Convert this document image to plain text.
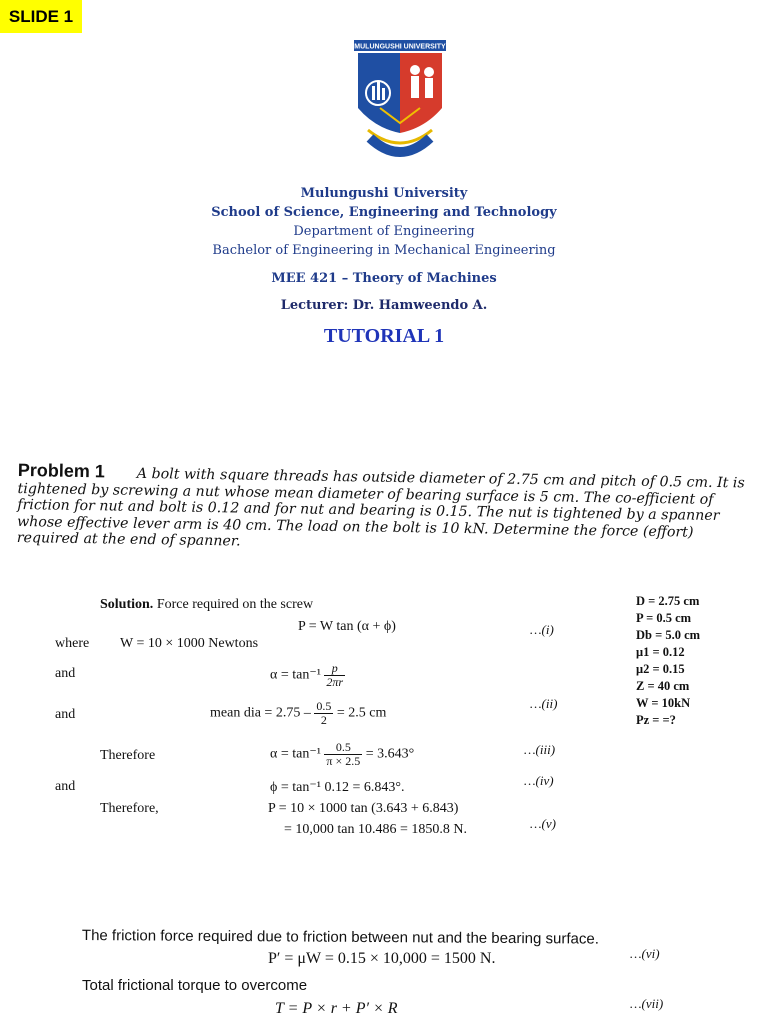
SLIDE 1
MULUNGUSHI UNIVERSITY
Mulungushi University
School of Science, Engineering and Technology
Department of Engineering
Bachelor of Engineering in Mechanical Engineering
MEE 421 – Theory of Machines
Lecturer: Dr. Hamweendo A.
TUTORIAL 1
Problem 1 A bolt with square threads has outside diameter of 2.75 cm and pitch of 0.5 cm. It is tightened by screwing a nut whose mean diameter of bearing surface is 5 cm. The co-efficient of friction for nut and bolt is 0.12 and for nut and bearing is 0.15. The nut is tightened by a spanner whose effective lever arm is 40 cm. The load on the bolt is 10 kN. Determine the force (effort) required at the end of spanner.
D = 2.75 cm
P = 0.5 cm
Db = 5.0 cm
μ1 = 0.12
μ2 = 0.15
Z = 40 cm
W = 10kN
Pz = =?
Solution. Force required on the screw
P = W tan (α + ϕ)	…(i)
where W = 10 × 1000 Newtons
and	$\alpha = \tan^{-1} \frac{p}{2\pi r}$
and	mean dia = $2.75 - \frac{0.5}{2} = 2.5$ cm
…(ii)
Therefore	$\alpha = \tan^{-1} \frac{0.5}{\pi \times 2.5} = 3.643^\circ$	…(iii)
and	ϕ = tan⁻¹ 0.12 = 6.843°.	…(iv)
Therefore,	P = 10 × 1000 tan (3.643 + 6.843)
= 10,000 tan 10.486 = 1850.8 N.	…(v)
The friction force required due to friction between nut and the bearing surface.
P′ = μW = 0.15 × 10,000 = 1500 N.	…(vi)
Total frictional torque to overcome
T = P × r + P′ × R	…(vii)
